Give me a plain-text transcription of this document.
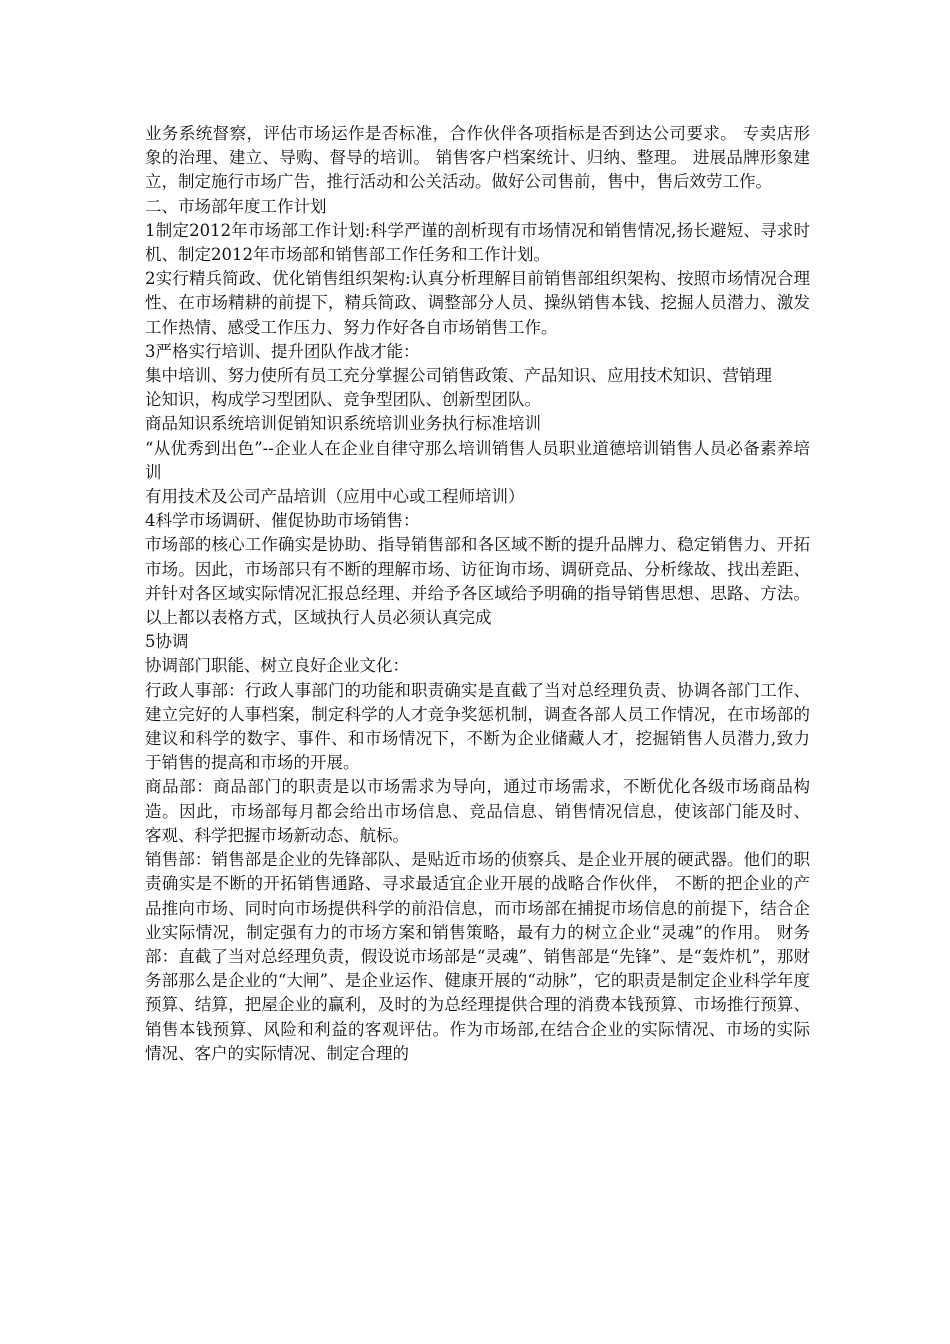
业务系统督察，评估市场运作是否标准，合作伙伴各项指标是否到达公司要求。 专卖店形象的治理、建立、导购、督导的培训。 销售客户档案统计、归纳、整理。 进展品牌形象建立，制定施行市场广告，推行活动和公关活动。做好公司售前，售中，售后效劳工作。

二、市场部年度工作计划

1制定2012年市场部工作计划:科学严谨的剖析现有市场情况和销售情况,扬长避短、寻求时机、制定2012年市场部和销售部工作任务和工作计划。

2实行精兵简政、优化销售组织架构:认真分析理解目前销售部组织架构、按照市场情况合理性、在市场精耕的前提下，精兵简政、调整部分人员、操纵销售本钱、挖掘人员潜力、激发工作热情、感受工作压力、努力作好各自市场销售工作。

3严格实行培训、提升团队作战才能：

集中培训、努力使所有员工充分掌握公司销售政策、产品知识、应用技术知识、营销理

论知识，构成学习型团队、竞争型团队、创新型团队。

商品知识系统培训促销知识系统培训业务执行标准培训

“从优秀到出色”--企业人在企业自律守那么培训销售人员职业道德培训销售人员必备素养培训

有用技术及公司产品培训（应用中心或工程师培训）

4科学市场调研、催促协助市场销售：

市场部的核心工作确实是协助、指导销售部和各区域不断的提升品牌力、稳定销售力、开拓市场。因此，市场部只有不断的理解市场、访征询市场、调研竞品、分析缘故、找出差距、并针对各区域实际情况汇报总经理、并给予各区域给予明确的指导销售思想、思路、方法。以上都以表格方式，区域执行人员必须认真完成

5协调

协调部门职能、树立良好企业文化：

行政人事部：行政人事部门的功能和职责确实是直截了当对总经理负责、协调各部门工作、建立完好的人事档案，制定科学的人才竞争奖惩机制，调查各部人员工作情况，在市场部的建议和科学的数字、事件、和市场情况下，不断为企业储藏人才，挖掘销售人员潜力,致力于销售的提高和市场的开展。

商品部：商品部门的职责是以市场需求为导向，通过市场需求，不断优化各级市场商品构造。因此，市场部每月都会给出市场信息、竞品信息、销售情况信息，使该部门能及时、 客观、科学把握市场新动态、航标。

销售部：销售部是企业的先锋部队、是贴近市场的侦察兵、是企业开展的硬武器。他们的职责确实是不断的开拓销售通路、寻求最适宜企业开展的战略合作伙伴， 不断的把企业的产品推向市场、同时向市场提供科学的前沿信息，而市场部在捕捉市场信息的前提下，结合企业实际情况，制定强有力的市场方案和销售策略，最有力的树立企业“灵魂”的作用。 财务部：直截了当对总经理负责，假设说市场部是“灵魂”、销售部是“先锋”、是“轰炸机”，那财务部那么是企业的“大闸”、是企业运作、健康开展的“动脉”，它的职责是制定企业科学年度预算、结算，把屋企业的赢利，及时的为总经理提供合理的消费本钱预算、市场推行预算、销售本钱预算、风险和利益的客观评估。作为市场部,在结合企业的实际情况、市场的实际情况、客户的实际情况、制定合理的
